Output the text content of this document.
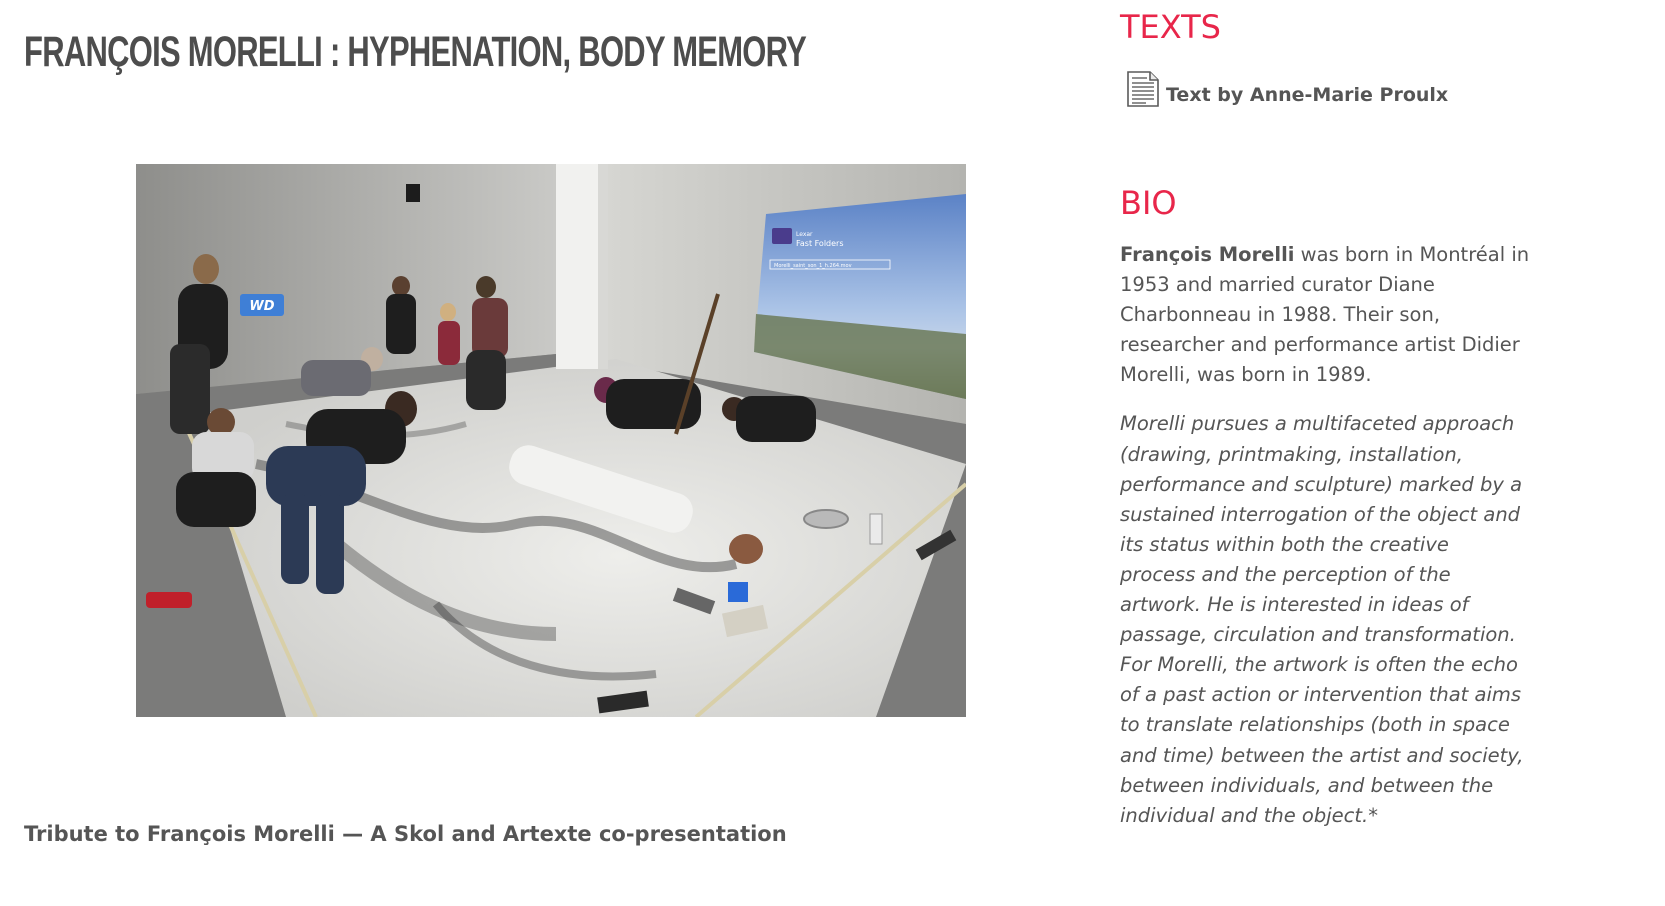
FRANÇOIS MORELLI : HYPHENATION, BODY MEMORY
Lexar
Fast Folders
Morelli_saint_son_1_h.264.mov
WD
Tribute to François Morelli — A Skol and Artexte co-presentation
TEXTS
Text by Anne-Marie Proulx
BIO

François Morelli was born in Montréal in 1953 and married curator Diane Charbonneau in 1988. Their son, researcher and performance artist Didier Morelli, was born in 1989.

Morelli pursues a multifaceted approach (drawing, printmaking, installation, performance and sculpture) marked by a sustained interrogation of the object and its status within both the creative process and the perception of the artwork. He is interested in ideas of passage, circulation and transformation. For Morelli, the artwork is often the echo of a past action or intervention that aims to translate relationships (both in space and time) between the artist and society, between individuals, and between the individual and the object.*
